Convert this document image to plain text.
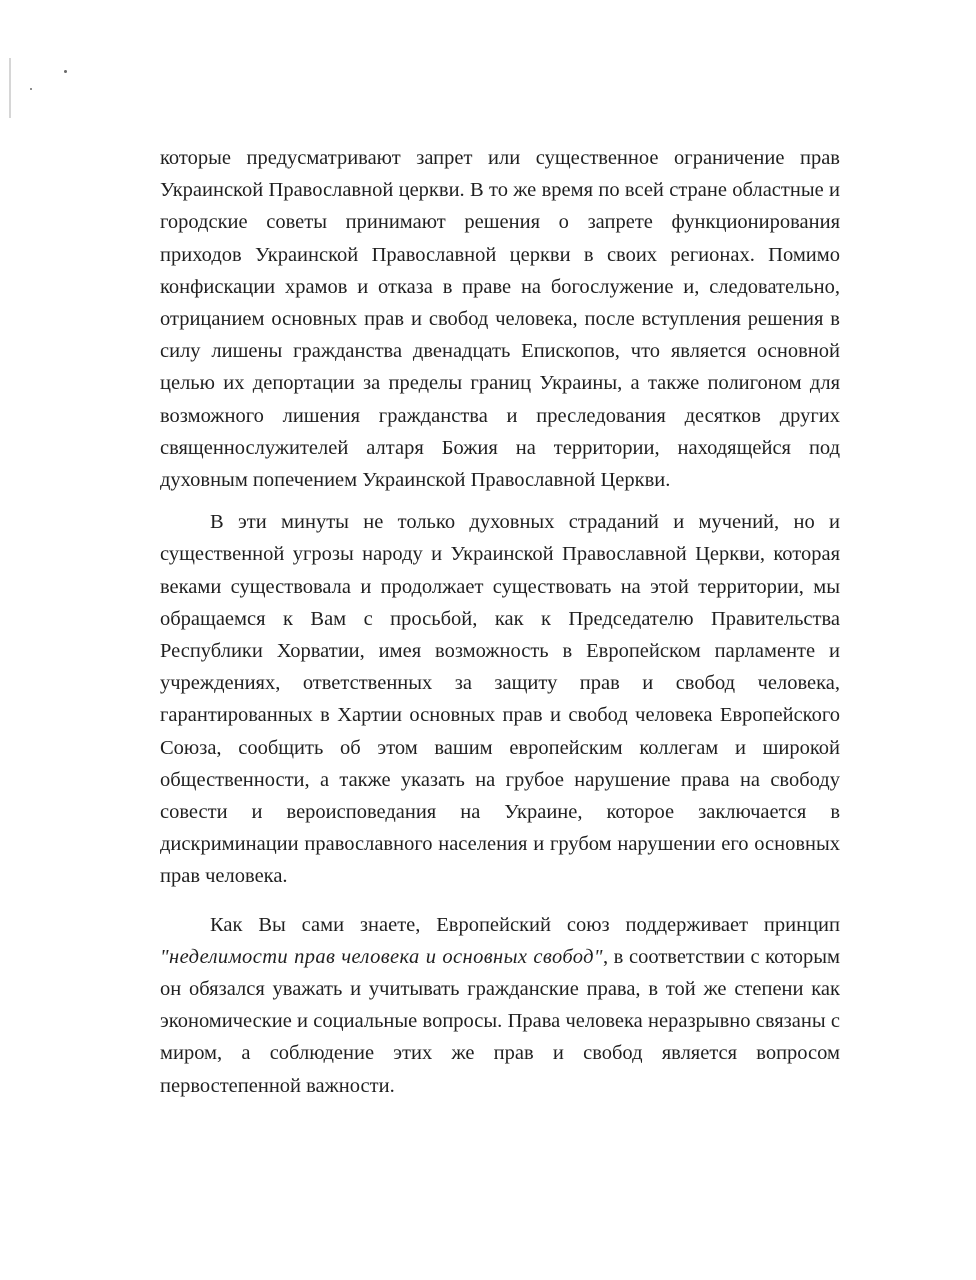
которые предусматривают запрет или существенное ограничение прав Украинской Православной церкви. В то же время по всей стране областные и городские советы принимают решения о запрете функционирования приходов Украинской Православной церкви в своих регионах. Помимо конфискации храмов и отказа в праве на богослужение и, следовательно, отрицанием основных прав и свобод человека, после вступления решения в силу лишены гражданства двенадцать Епископов, что является основной целью их депортации за пределы границ Украины, а также полигоном для возможного лишения гражданства и преследования десятков других священнослужителей алтаря Божия на территории, находящейся под духовным попечением Украинской Православной Церкви.

В эти минуты не только духовных страданий и мучений, но и существенной угрозы народу и Украинской Православной Церкви, которая веками существовала и продолжает существовать на этой территории, мы обращаемся к Вам с просьбой, как к Председателю Правительства Республики Хорватии, имея возможность в Европейском парламенте и учреждениях, ответственных за защиту прав и свобод человека, гарантированных в Хартии основных прав и свобод человека Европейского Союза, сообщить об этом вашим европейским коллегам и широкой общественности, а также указать на грубое нарушение права на свободу совести и вероисповедания на Украине, которое заключается в дискриминации православного населения и грубом нарушении его основных прав человека.

Как Вы сами знаете, Европейский союз поддерживает принцип "неделимости прав человека и основных свобод", в соответствии с которым он обязался уважать и учитывать гражданские права, в той же степени как экономические и социальные вопросы. Права человека неразрывно связаны с миром, а соблюдение этих же прав и свобод является вопросом первостепенной важности.
